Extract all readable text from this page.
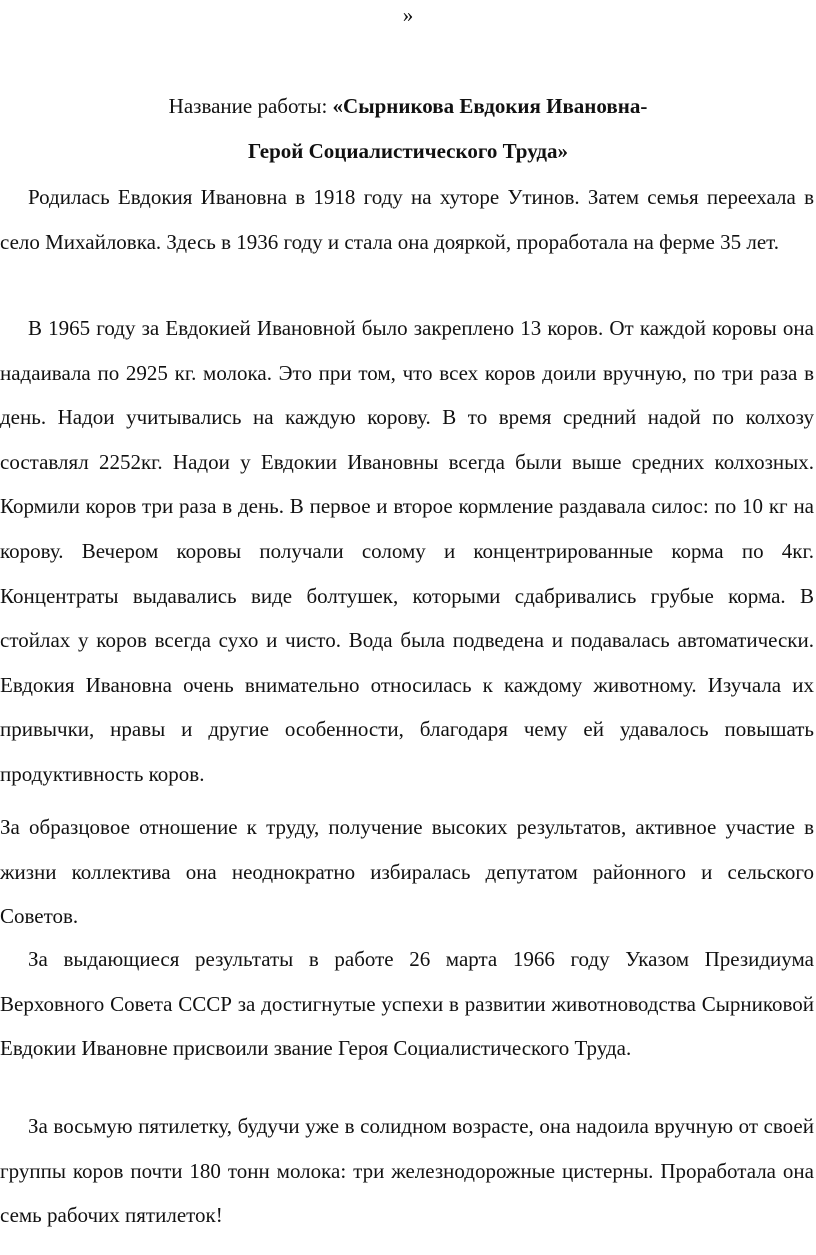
»
Название работы: «Сырникова Евдокия Ивановна-
Герой Социалистического Труда»

Родилась Евдокия Ивановна в 1918 году на хуторе Утинов. Затем семья переехала в село Михайловка. Здесь в 1936 году и стала она дояркой, проработала на ферме 35 лет.

В 1965 году за Евдокией Ивановной было закреплено 13 коров. От каждой коровы она надаивала по 2925 кг. молока. Это при том, что всех коров доили вручную, по три раза в день. Надои учитывались на каждую корову. В то время средний надой по колхозу составлял 2252кг. Надои у Евдокии Ивановны всегда были выше средних колхозных. Кормили коров три раза в день. В первое и второе кормление раздавала силос: по 10 кг на корову. Вечером коровы получали солому и концентрированные корма по 4кг. Концентраты выдавались виде болтушек, которыми сдабривались грубые корма. В стойлах у коров всегда сухо и чисто. Вода была подведена и подавалась автоматически. Евдокия Ивановна очень внимательно относилась к каждому животному. Изучала их привычки, нравы и другие особенности, благодаря чему ей удавалось повышать продуктивность коров.

За образцовое отношение к труду, получение высоких результатов, активное участие в жизни коллектива она неоднократно избиралась депутатом районного и сельского Советов.

За выдающиеся результаты в работе 26 марта 1966 году Указом Президиума Верховного Совета СССР за достигнутые успехи в развитии животноводства Сырниковой Евдокии Ивановне присвоили звание Героя Социалистического Труда.

За восьмую пятилетку, будучи уже в солидном возрасте, она надоила вручную от своей группы коров почти 180 тонн молока: три железнодорожные цистерны. Проработала она семь рабочих пятилеток!
